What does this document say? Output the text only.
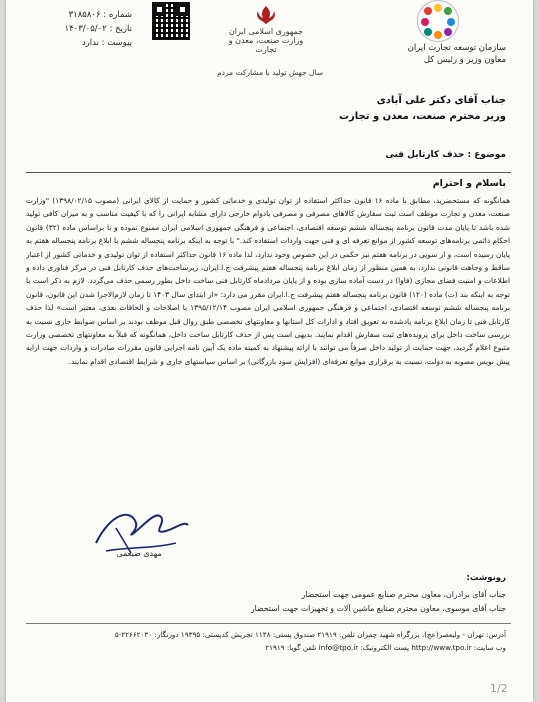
شماره : ۳۱۸۵۸۰۶
تاریخ : ۱۴۰۳/۰۵/۰۲
پیوست : ندارد
جمهوری اسلامی ایران
وزارت صنعت، معدن و تجارت
سال جهش تولید با مشارکت مردم
سازمان توسعه تجارت ایران
معاون وزیر و رئیس کل
جناب آقای دکتر علی آبادی
وزیر محترم صنعت، معدن و تجارت
موضوع : حذف کارتابل فنی
باسلام و احترام
همانگونه که مستحضرید، مطابق با ماده ۱۶ قانون حداکثر استفاده از توان تولیدی و خدماتی کشور و حمایت از کالای ایرانی (مصوب ۱۳۹۸/۰۲/۱۵) "وزارت صنعت، معدن و تجارت موظف است ثبت سفارش کالاهای مصرفی و مصرفی بادوام خارجی دارای مشابه ایرانی را که با کیفیت مناسب و به میزان کافی تولید شده باشد تا پایان مدت قانون برنامه پنجساله ششم توسعه اقتصادی، اجتماعی و فرهنگی جمهوری اسلامی ایران ممنوع نموده و با براساس ماده (۳۲) قانون احکام دائمی برنامه‌های توسعه کشور از موانع تعرفه ای و فنی جهت واردات استفاده کند." با توجه به اینکه برنامه پنجساله ششم با ابلاغ برنامه پنجساله هفتم به پایان رسیده است، و از سویی در برنامه هفتم نیز حکمی در این خصوص وجود ندارد، لذا ماده ۱۶ قانون حداکثر استفاده از توان تولیدی و خدماتی کشور از اعتبار ساقط و وجاهت قانونی ندارد، به همین منظور از زمان ابلاغ برنامه پنجساله هفتم پیشرفت ج.ا.ایران، زیرساخت‌های حذف کارتابل فنی در مرکز فناوری داده و اطلاعات و امنیت فضای مجازی (فاوا) در دست آماده سازی بوده و از پایان مردادماه کارتابل فنی ساخت داخل بطور رسمی حذف می‌گردد. لازم به ذکر است با توجه به اینکه بند (ت) ماده (۱۲۰) قانون برنامه پنجساله هفتم پیشرفت ج.ا.ایران مقرر می دارد: «از ابتدای سال ۱۴۰۳ تا زمان لازم‌الاجرا شدن این قانون، قانون برنامه پنجساله ششم توسعه اقتصادی، اجتماعی و فرهنگی جمهوری اسلامی ایران مصوب ۱۳۹۵/۱۲/۱۴ با اصلاحات و الحاقات بعدی، معتبر است» لذا حذف کارتابل فنی تا زمان ابلاغ برنامه یادشده به تعویق افتاد و ادارات کل استانها و معاونتهای تخصصی طبق روال قبل موظف بودند بر اساس ضوابط جاری نسبت به بررسی ساخت داخل برای پرونده‌های ثبت سفارش اقدام نمایند. بدیهی است پس از حذف کارتابل ساخت داخل، همانگونه که قبلاً به معاونتهای تخصصی وزارت متبوع اعلام گردید، جهت حمایت از تولید داخل صرفاً می توانند با ارائه پیشنهاد به کمیته ماده یک آیین نامه اجرایی قانون مقررات صادرات و واردات جهت ارایه پیش نویس مصوبه به دولت، نسبت به برقراری موانع تعرفه‌ای (افزایش سود بازرگانی) بر اساس سیاستهای جاری و شرایط اقتصادی اقدام نمایند.
مهدی ضیغمی
رونوشت:
جناب آقای برادران، معاون محترم صنایع عمومی جهت استحضار
جناب آقای موسوی، معاون محترم صنایع ماشین آلات و تجهیزات جهت استحضار
آدرس: تهران - ولیعصر(عج)، بزرگراه شهید چمران تلفن: ۲۱۹۱۹ صندوق پستی: ۱۱۴۸ تجریش کدپستی: ۱۹۳۹۵ دورنگار: ۲۲۶۶۲۰۳۰-۵
وب سایت: http://www.tpo.ir پست الکترونیک: info@tpo.ir تلفن گویا: ۲۱۹۱۹
1/2
